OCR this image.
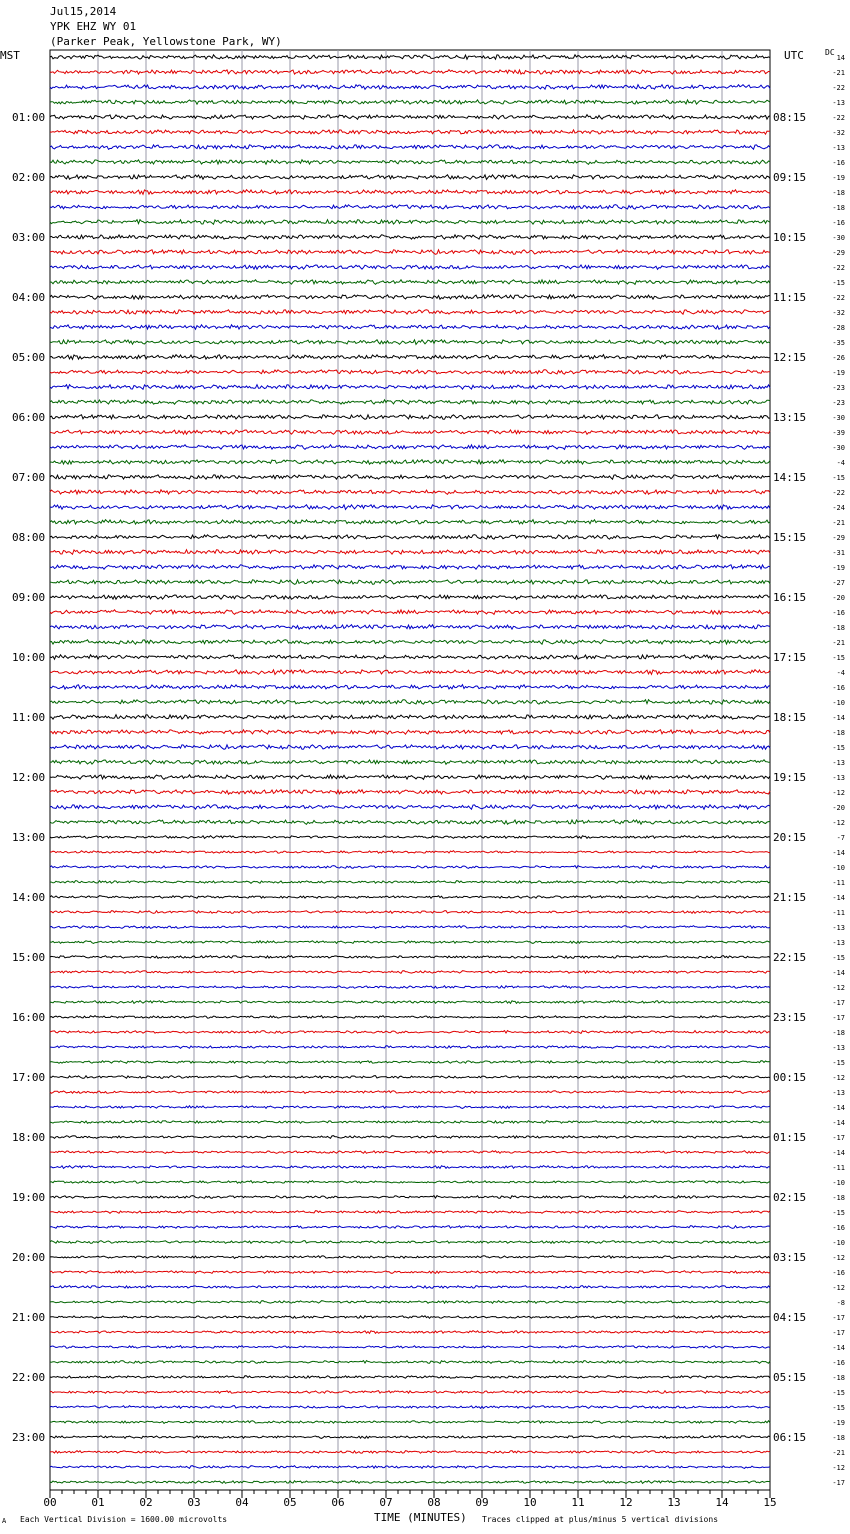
Jul15,2014
YPK EHZ WY 01
(Parker Peak, Yellowstone Park, WY)
MST	UTC	DC
01:00	08:15
02:00	09:15
03:00	10:15
04:00	11:15
05:00	12:15
06:00	13:15
07:00	14:15
08:00	15:15
09:00	16:15
10:00	17:15
11:00	18:15
12:00	19:15
13:00	20:15
14:00	21:15
15:00	22:15
16:00	23:15
17:00	00:15
18:00	01:15
19:00	02:15
20:00	03:15
21:00	04:15
22:00	05:15
23:00	06:15
14
-21
-22
-13
-22
-32
-13
-16
-19
-18
-18
-16
-30
-29
-22
-15
-22
-32
-28
-35
-26
-19
-23
-23
-30
-39
-30
-4
-15
-22
-24
-21
-29
-31
-19
-27
-20
-16
-18
-21
-15
-4
-16
-10
-14
-18
-15
-13
-13
-12
-20
-12
-7
-14
-10
-11
-14
-11
-13
-13
-15
-14
-12
-17
-17
-18
-13
-15
-12
-13
-14
-14
-17
-14
-11
-10
-18
-15
-16
-10
-12
-16
-12
-8
-17
-17
-14
-16
-18
-15
-15
-19
-18
-21
-12
-17
00	01	02	03	04	05	06	07	08	09	10	11	12	13	14	15
A Each Vertical Division = 1600.00 microvolts	TIME (MINUTES) Traces clipped at plus/minus 5 vertical divisions
